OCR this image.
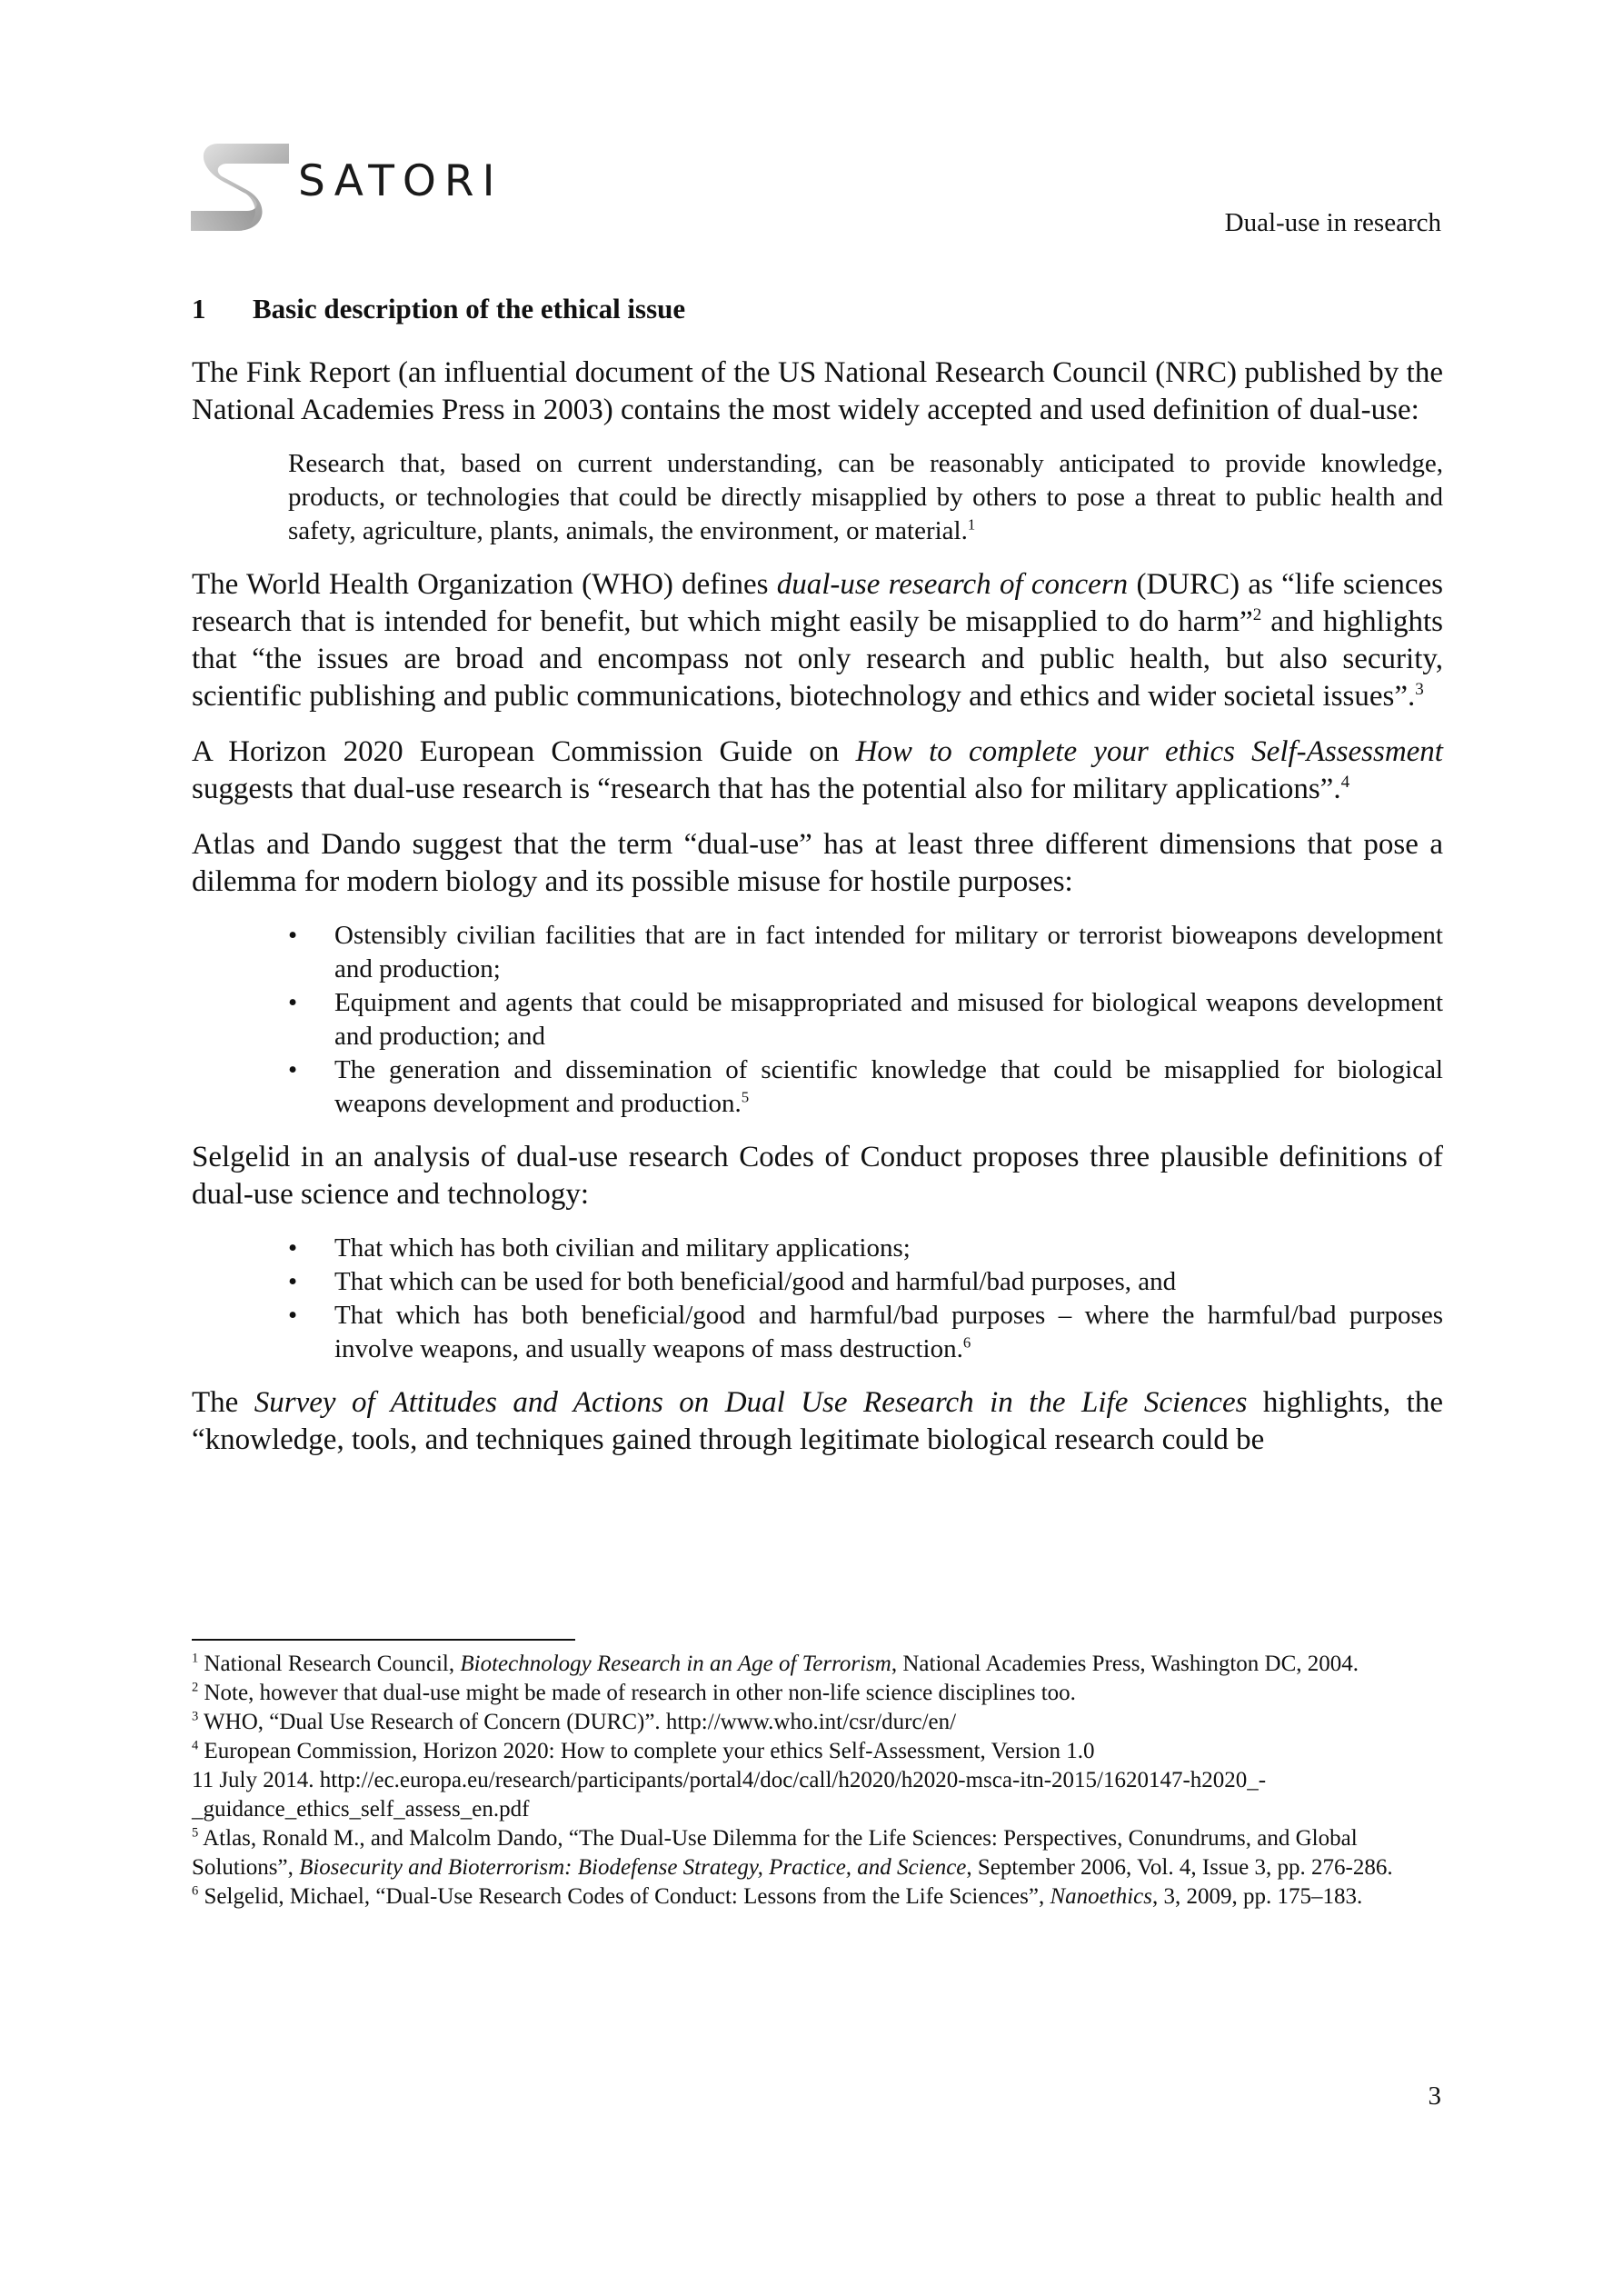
SATORI
Dual-use in research
1	Basic description of the ethical issue

The Fink Report (an influential document of the US National Research Council (NRC) published by the National Academies Press in 2003) contains the most widely accepted and used definition of dual-use:

Research that, based on current understanding, can be reasonably anticipated to provide knowledge, products, or technologies that could be directly misapplied by others to pose a threat to public health and safety, agriculture, plants, animals, the environment, or material.$^1$

The World Health Organization (WHO) defines dual-use research of concern (DURC) as “life sciences research that is intended for benefit, but which might easily be misapplied to do harm”$^2$ and highlights that “the issues are broad and encompass not only research and public health, but also security, scientific publishing and public communications, biotechnology and ethics and wider societal issues”.$^3$

A Horizon 2020 European Commission Guide on How to complete your ethics Self-Assessment suggests that dual-use research is “research that has the potential also for military applications”.$^4$

Atlas and Dando suggest that the term “dual-use” has at least three different dimensions that pose a dilemma for modern biology and its possible misuse for hostile purposes:

• Ostensibly civilian facilities that are in fact intended for military or terrorist bioweapons development and production;
• Equipment and agents that could be misappropriated and misused for biological weapons development and production; and
• The generation and dissemination of scientific knowledge that could be misapplied for biological weapons development and production.$^5$

Selgelid in an analysis of dual-use research Codes of Conduct proposes three plausible definitions of dual-use science and technology:

• That which has both civilian and military applications;
• That which can be used for both beneficial/good and harmful/bad purposes, and
• That which has both beneficial/good and harmful/bad purposes – where the harmful/bad purposes involve weapons, and usually weapons of mass destruction.$^6$

The Survey of Attitudes and Actions on Dual Use Research in the Life Sciences highlights, the “knowledge, tools, and techniques gained through legitimate biological research could be

$^1$ National Research Council, Biotechnology Research in an Age of Terrorism, National Academies Press, Washington DC, 2004.
$^2$ Note, however that dual-use might be made of research in other non-life science disciplines too.
$^3$ WHO, “Dual Use Research of Concern (DURC)”. http://www.who.int/csr/durc/en/
$^4$ European Commission, Horizon 2020: How to complete your ethics Self-Assessment, Version 1.0
11 July 2014. http://ec.europa.eu/research/participants/portal4/doc/call/h2020/h2020-msca-itn-2015/1620147-h2020_-_guidance_ethics_self_assess_en.pdf
$^5$ Atlas, Ronald M., and Malcolm Dando, “The Dual-Use Dilemma for the Life Sciences: Perspectives, Conundrums, and Global Solutions”, Biosecurity and Bioterrorism: Biodefense Strategy, Practice, and Science, September 2006, Vol. 4, Issue 3, pp. 276-286.
$^6$ Selgelid, Michael, “Dual-Use Research Codes of Conduct: Lessons from the Life Sciences”, Nanoethics, 3, 2009, pp. 175–183.
3
